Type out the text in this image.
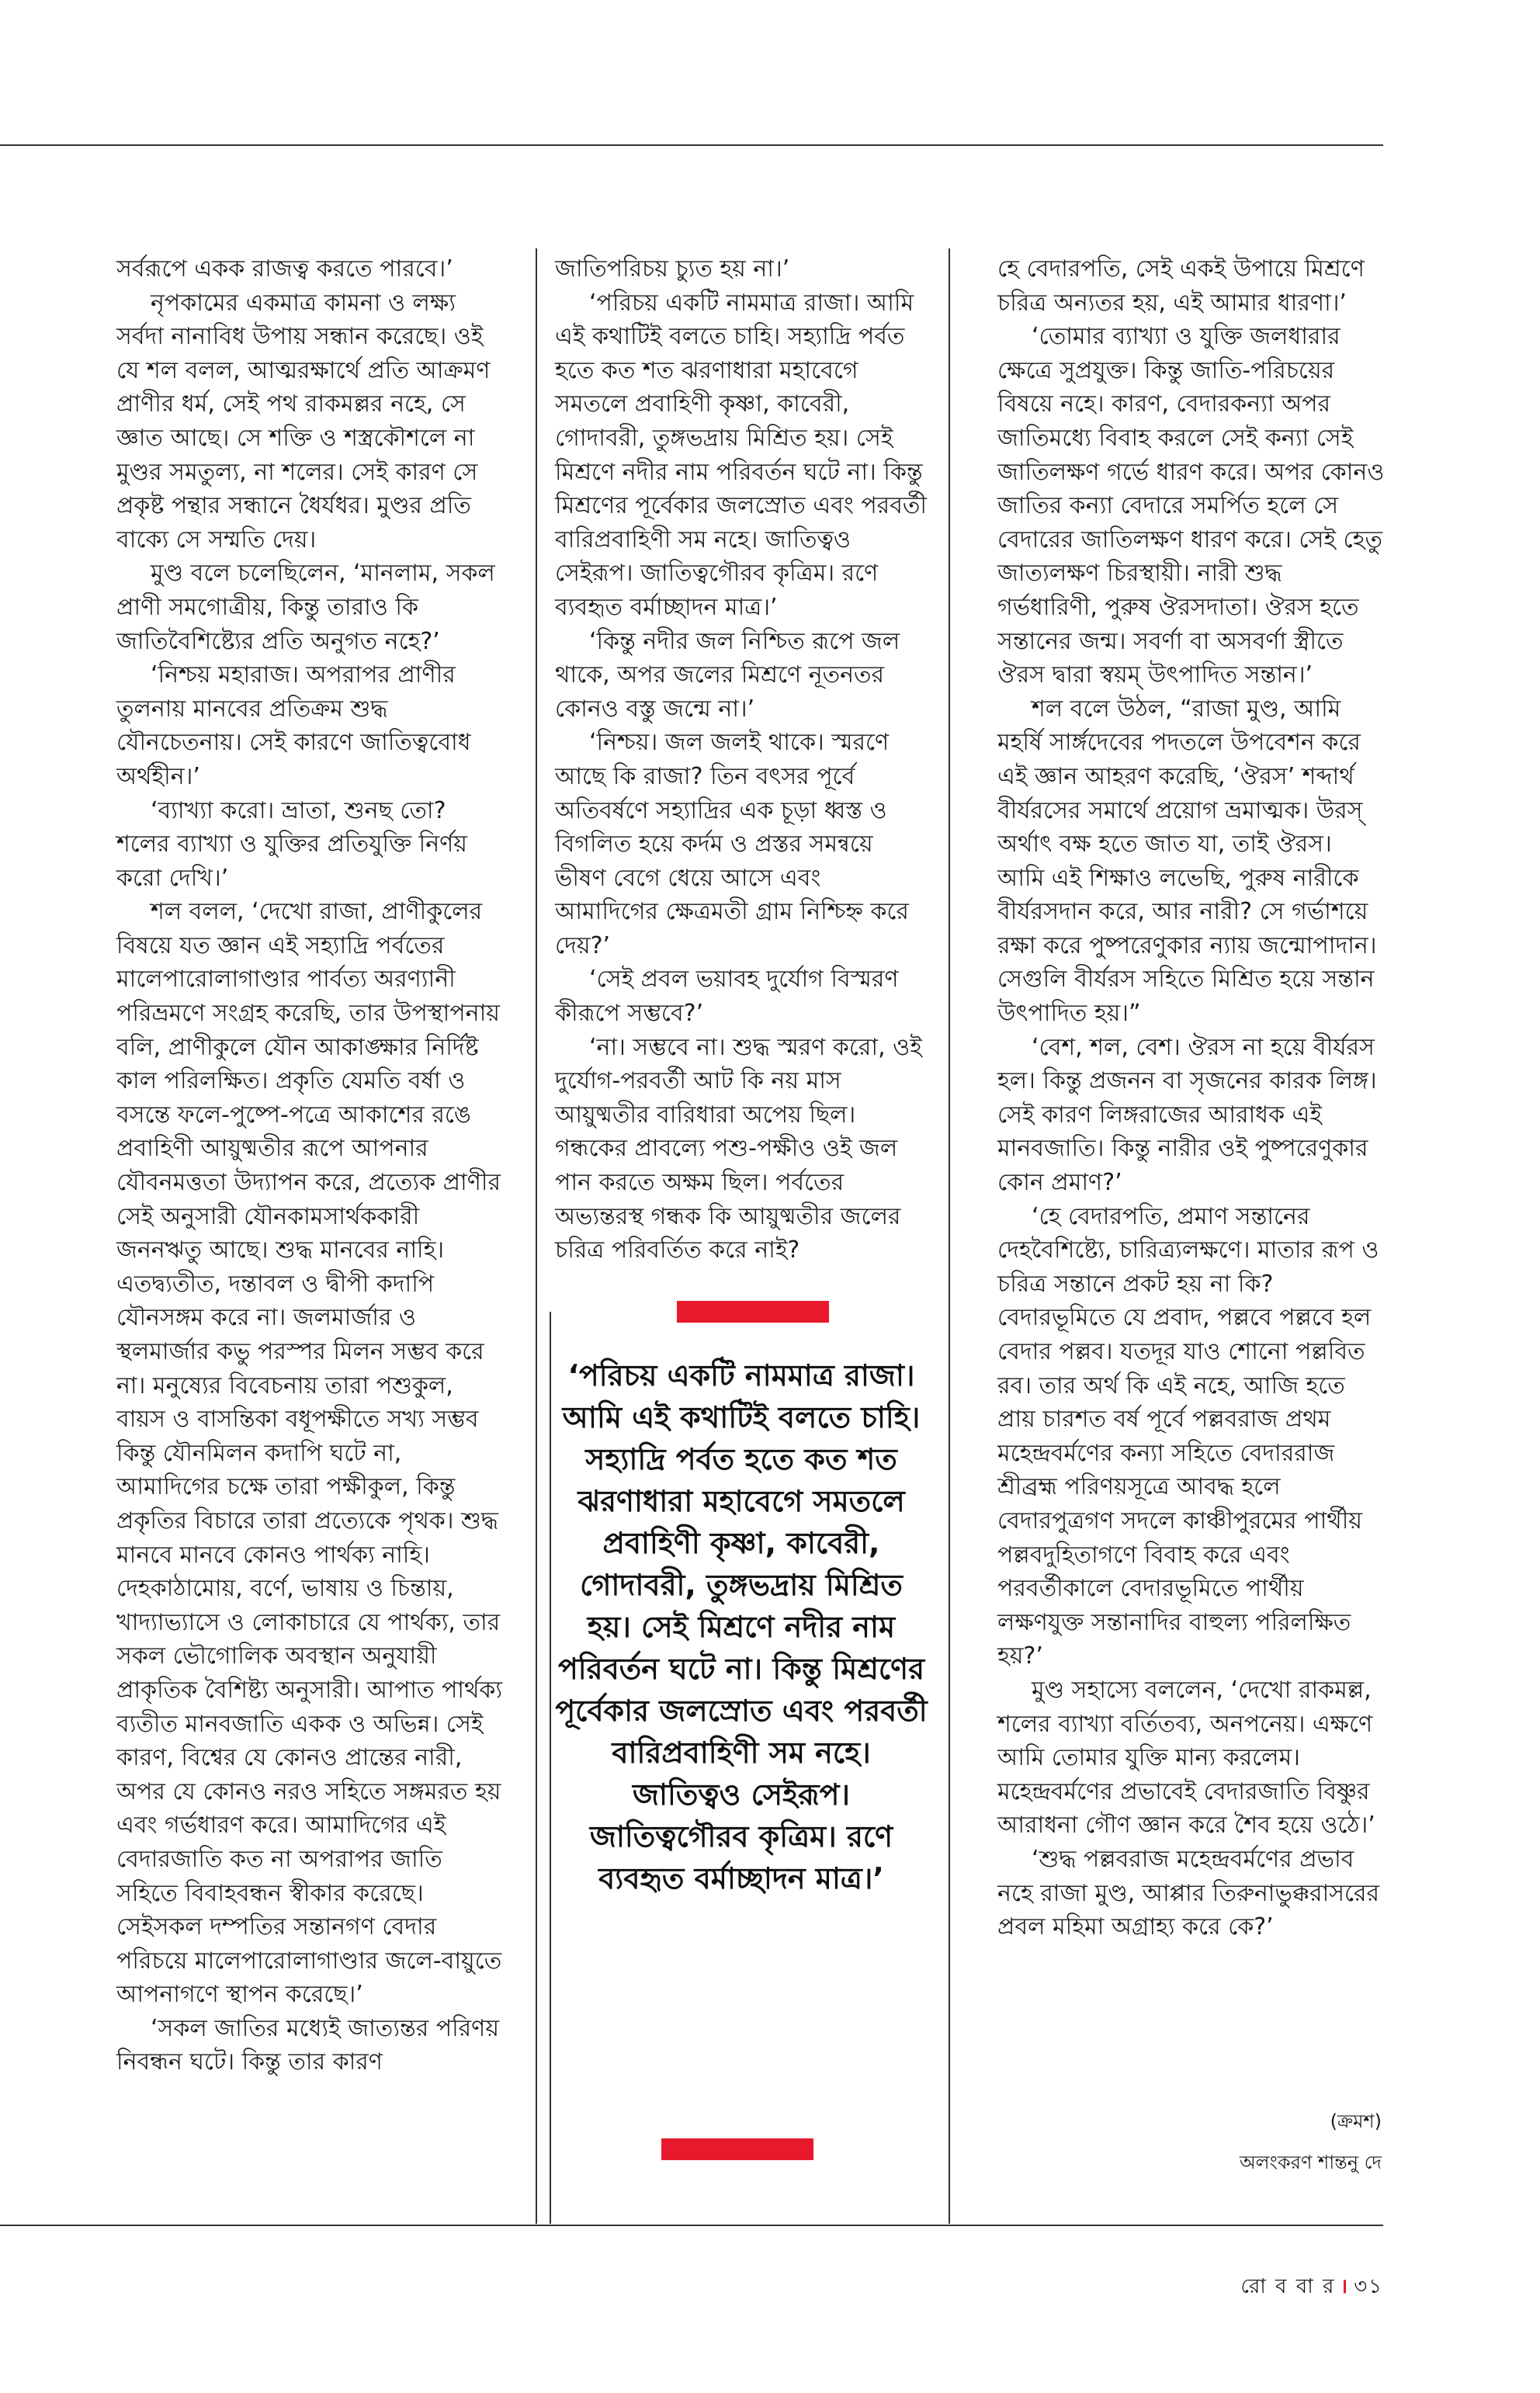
সর্বরূপে একক রাজত্ব করতে পারবে।’

নৃপকামের একমাত্র কামনা ও লক্ষ্য সর্বদা নানাবিধ উপায় সন্ধান করেছে। ওই যে শল বলল, আত্মরক্ষার্থে প্রতি আক্রমণ প্রাণীর ধর্ম, সেই পথ রাকমল্লর নহে, সে জ্ঞাত আছে। সে শক্তি ও শস্ত্রকৌশলে না মুণ্ডর সমতুল্য, না শলের। সেই কারণ সে প্রকৃষ্ট পন্থার সন্ধানে ধৈর্যধর। মুণ্ডর প্রতি বাক্যে সে সম্মতি দেয়।

মুণ্ড বলে চলেছিলেন, ‘মানলাম, সকল প্রাণী সমগোত্রীয়, কিন্তু তারাও কি জাতিবৈশিষ্ট্যের প্রতি অনুগত নহে?’

‘নিশ্চয় মহারাজ। অপরাপর প্রাণীর তুলনায় মানবের প্রতিক্রম শুদ্ধ যৌনচেতনায়। সেই কারণে জাতিত্ববোধ অর্থহীন।’

‘ব্যাখ্যা করো। ভ্রাতা, শুনছ তো? শলের ব্যাখ্যা ও যুক্তির প্রতিযুক্তি নির্ণয় করো দেখি।’

শল বলল, ‘দেখো রাজা, প্রাণীকুলের বিষয়ে যত জ্ঞান এই সহ্যাদ্রি পর্বতের মালেপারোলাগাণ্ডার পার্বত্য অরণ্যানী পরিভ্রমণে সংগ্রহ করেছি, তার উপস্থাপনায় বলি, প্রাণীকুলে যৌন আকাঙ্ক্ষার নির্দিষ্ট কাল পরিলক্ষিত। প্রকৃতি যেমতি বর্ষা ও বসন্তে ফলে-পুষ্পে-পত্রে আকাশের রঙে প্রবাহিণী আয়ুষ্মতীর রূপে আপনার যৌবনমত্ততা উদ্যাপন করে, প্রত্যেক প্রাণীর সেই অনুসারী যৌনকামসার্থককারী জননঋতু আছে। শুদ্ধ মানবের নাহি। এতদ্ব্যতীত, দন্তাবল ও দ্বীপী কদাপি যৌনসঙ্গম করে না। জলমার্জার ও স্থলমার্জার কভু পরস্পর মিলন সম্ভব করে না। মনুষ্যের বিবেচনায় তারা পশুকুল, বায়স ও বাসন্তিকা বধূপক্ষীতে সখ্য সম্ভব কিন্তু যৌনমিলন কদাপি ঘটে না, আমাদিগের চক্ষে তারা পক্ষীকুল, কিন্তু প্রকৃতির বিচারে তারা প্রত্যেকে পৃথক। শুদ্ধ মানবে মানবে কোনও পার্থক্য নাহি। দেহকাঠামোয়, বর্ণে, ভাষায় ও চিন্তায়, খাদ্যাভ্যাসে ও লোকাচারে যে পার্থক্য, তার সকল ভৌগোলিক অবস্থান অনুযায়ী প্রাকৃতিক বৈশিষ্ট্য অনুসারী। আপাত পার্থক্য ব্যতীত মানবজাতি একক ও অভিন্ন। সেই কারণ, বিশ্বের যে কোনও প্রান্তের নারী, অপর যে কোনও নরও সহিতে সঙ্গমরত হয় এবং গর্ভধারণ করে। আমাদিগের এই বেদারজাতি কত না অপরাপর জাতি সহিতে বিবাহবন্ধন স্বীকার করেছে। সেইসকল দম্পতির সন্তানগণ বেদার পরিচয়ে মালেপারোলাগাণ্ডার জলে-বায়ুতে আপনাগণে স্থাপন করেছে।’

‘সকল জাতির মধ্যেই জাত্যন্তর পরিণয় নিবন্ধন ঘটে। কিন্তু তার কারণ

জাতিপরিচয় চ্যুত হয় না।’

‘পরিচয় একটি নামমাত্র রাজা। আমি এই কথাটিই বলতে চাহি। সহ্যাদ্রি পর্বত হতে কত শত ঝরণাধারা মহাবেগে সমতলে প্রবাহিণী কৃষ্ণা, কাবেরী, গোদাবরী, তুঙ্গভদ্রায় মিশ্রিত হয়। সেই মিশ্রণে নদীর নাম পরিবর্তন ঘটে না। কিন্তু মিশ্রণের পূর্বেকার জলস্রোত এবং পরবর্তী বারিপ্রবাহিণী সম নহে। জাতিত্বও সেইরূপ। জাতিত্বগৌরব কৃত্রিম। রণে ব্যবহৃত বর্মাচ্ছাদন মাত্র।’

‘কিন্তু নদীর জল নিশ্চিত রূপে জল থাকে, অপর জলের মিশ্রণে নূতনতর কোনও বস্তু জন্মে না।’

‘নিশ্চয়। জল জলই থাকে। স্মরণে আছে কি রাজা? তিন বৎসর পূর্বে অতিবর্ষণে সহ্যাদ্রির এক চূড়া ধ্বস্ত ও বিগলিত হয়ে কর্দম ও প্রস্তর সমন্বয়ে ভীষণ বেগে ধেয়ে আসে এবং আমাদিগের ক্ষেত্রমতী গ্রাম নিশ্চিহ্ন করে দেয়?’

‘সেই প্রবল ভয়াবহ দুর্যোগ বিস্মরণ কীরূপে সম্ভবে?’

‘না। সম্ভবে না। শুদ্ধ স্মরণ করো, ওই দুর্যোগ-পরবর্তী আট কি নয় মাস আয়ুষ্মতীর বারিধারা অপেয় ছিল। গন্ধকের প্রাবল্যে পশু-পক্ষীও ওই জল পান করতে অক্ষম ছিল। পর্বতের অভ্যন্তরস্থ গন্ধক কি আয়ুষ্মতীর জলের চরিত্র পরিবর্তিত করে নাই?

‘পরিচয় একটি নামমাত্র রাজা। আমি এই কথাটিই বলতে চাহি। সহ্যাদ্রি পর্বত হতে কত শত ঝরণাধারা মহাবেগে সমতলে প্রবাহিণী কৃষ্ণা, কাবেরী, গোদাবরী, তুঙ্গভদ্রায় মিশ্রিত হয়। সেই মিশ্রণে নদীর নাম পরিবর্তন ঘটে না। কিন্তু মিশ্রণের পূর্বেকার জলস্রোত এবং পরবর্তী বারিপ্রবাহিণী সম নহে। জাতিত্বও সেইরূপ। জাতিত্বগৌরব কৃত্রিম। রণে ব্যবহৃত বর্মাচ্ছাদন মাত্র।’

হে বেদারপতি, সেই একই উপায়ে মিশ্রণে চরিত্র অন্যতর হয়, এই আমার ধারণা।’

‘তোমার ব্যাখ্যা ও যুক্তি জলধারার ক্ষেত্রে সুপ্রযুক্ত। কিন্তু জাতি-পরিচয়ের বিষয়ে নহে। কারণ, বেদারকন্যা অপর জাতিমধ্যে বিবাহ করলে সেই কন্যা সেই জাতিলক্ষণ গর্ভে ধারণ করে। অপর কোনও জাতির কন্যা বেদারে সমর্পিত হলে সে বেদারের জাতিলক্ষণ ধারণ করে। সেই হেতু জাত্যলক্ষণ চিরস্থায়ী। নারী শুদ্ধ গর্ভধারিণী, পুরুষ ঔরসদাতা। ঔরস হতে সন্তানের জন্ম। সবর্ণা বা অসবর্ণা স্ত্রীতে ঔরস দ্বারা স্বয়ম্ উৎপাদিত সন্তান।’

শল বলে উঠল, “রাজা মুণ্ড, আমি মহর্ষি সার্ঙ্গদেবের পদতলে উপবেশন করে এই জ্ঞান আহরণ করেছি, ‘ঔরস’ শব্দার্থ বীর্যরসের সমার্থে প্রয়োগ ভ্রমাত্মক। উরস্ অর্থাৎ বক্ষ হতে জাত যা, তাই ঔরস। আমি এই শিক্ষাও লভেছি, পুরুষ নারীকে বীর্যরসদান করে, আর নারী? সে গর্ভাশয়ে রক্ষা করে পুষ্পরেণুকার ন্যায় জন্মোপাদান। সেগুলি বীর্যরস সহিতে মিশ্রিত হয়ে সন্তান উৎপাদিত হয়।”

‘বেশ, শল, বেশ। ঔরস না হয়ে বীর্যরস হল। কিন্তু প্রজনন বা সৃজনের কারক লিঙ্গ। সেই কারণ লিঙ্গরাজের আরাধক এই মানবজাতি। কিন্তু নারীর ওই পুষ্পরেণুকার কোন প্রমাণ?’

‘হে বেদারপতি, প্রমাণ সন্তানের দেহবৈশিষ্ট্যে, চারিত্র্যলক্ষণে। মাতার রূপ ও চরিত্র সন্তানে প্রকট হয় না কি? বেদারভূমিতে যে প্রবাদ, পল্লবে পল্লবে হল বেদার পল্লব। যতদূর যাও শোনো পল্লবিত রব। তার অর্থ কি এই নহে, আজি হতে প্রায় চারশত বর্ষ পূর্বে পল্লবরাজ প্রথম মহেন্দ্রবর্মণের কন্যা সহিতে বেদাররাজ শ্রীব্রহ্ম পরিণয়সূত্রে আবদ্ধ হলে বেদারপুত্রগণ সদলে কাঞ্চীপুরমের পার্থীয় পল্লবদুহিতাগণে বিবাহ করে এবং পরবর্তীকালে বেদারভূমিতে পার্থীয় লক্ষণযুক্ত সন্তানাদির বাহুল্য পরিলক্ষিত হয়?’

মুণ্ড সহাস্যে বললেন, ‘দেখো রাকমল্ল, শলের ব্যাখ্যা বর্তিতব্য, অনপনেয়। এক্ষণে আমি তোমার যুক্তি মান্য করলেম। মহেন্দ্রবর্মণের প্রভাবেই বেদারজাতি বিষ্ণুর আরাধনা গৌণ জ্ঞান করে শৈব হয়ে ওঠে।’

‘শুদ্ধ পল্লবরাজ মহেন্দ্রবর্মণের প্রভাব নহে রাজা মুণ্ড, আপ্পার তিরুনাভুক্করাসরের প্রবল মহিমা অগ্রাহ্য করে কে?’

(ক্রমশ)
অলংকরণ শান্তনু দে
রো ব বা র । ৩১
